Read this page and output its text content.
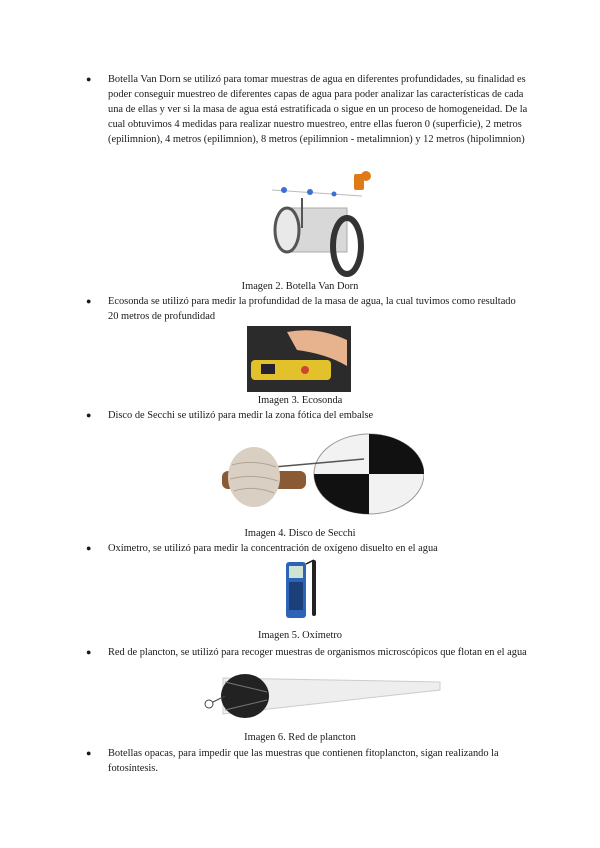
●	Botella Van Dorn se utilizó para tomar muestras de agua en diferentes profundidades, su finalidad es poder conseguir muestreo de diferentes capas de agua para poder analizar las características de cada una de ellas y ver si la masa de agua está estratificada o sigue en un proceso de homogeneidad. De la cual obtuvimos 4 medidas para realizar nuestro muestreo, entre ellas fueron 0 (superficie), 2 metros (epilimnion), 4 metros (epilimnion), 8 metros (epilimnion - metalimnion) y 12 metros (hipolimnion)
Imagen 2. Botella Van Dorn
●	Ecosonda se utilizó para medir la profundidad de la masa de agua, la cual tuvimos como resultado 20 metros de profundidad
Imagen 3. Ecosonda
●	Disco de Secchi se utilizó para medir la zona fótica del embalse
Imagen 4. Disco de Secchi
●	Oxímetro, se utilizó para medir la concentración de oxígeno disuelto en el agua
Imagen 5. Oxímetro
●	Red de plancton, se utilizó para recoger muestras de organismos microscópicos que flotan en el agua
Imagen 6. Red de plancton
●	Botellas opacas, para impedir que las muestras que contienen fitoplancton, sigan realizando la fotosíntesis.
